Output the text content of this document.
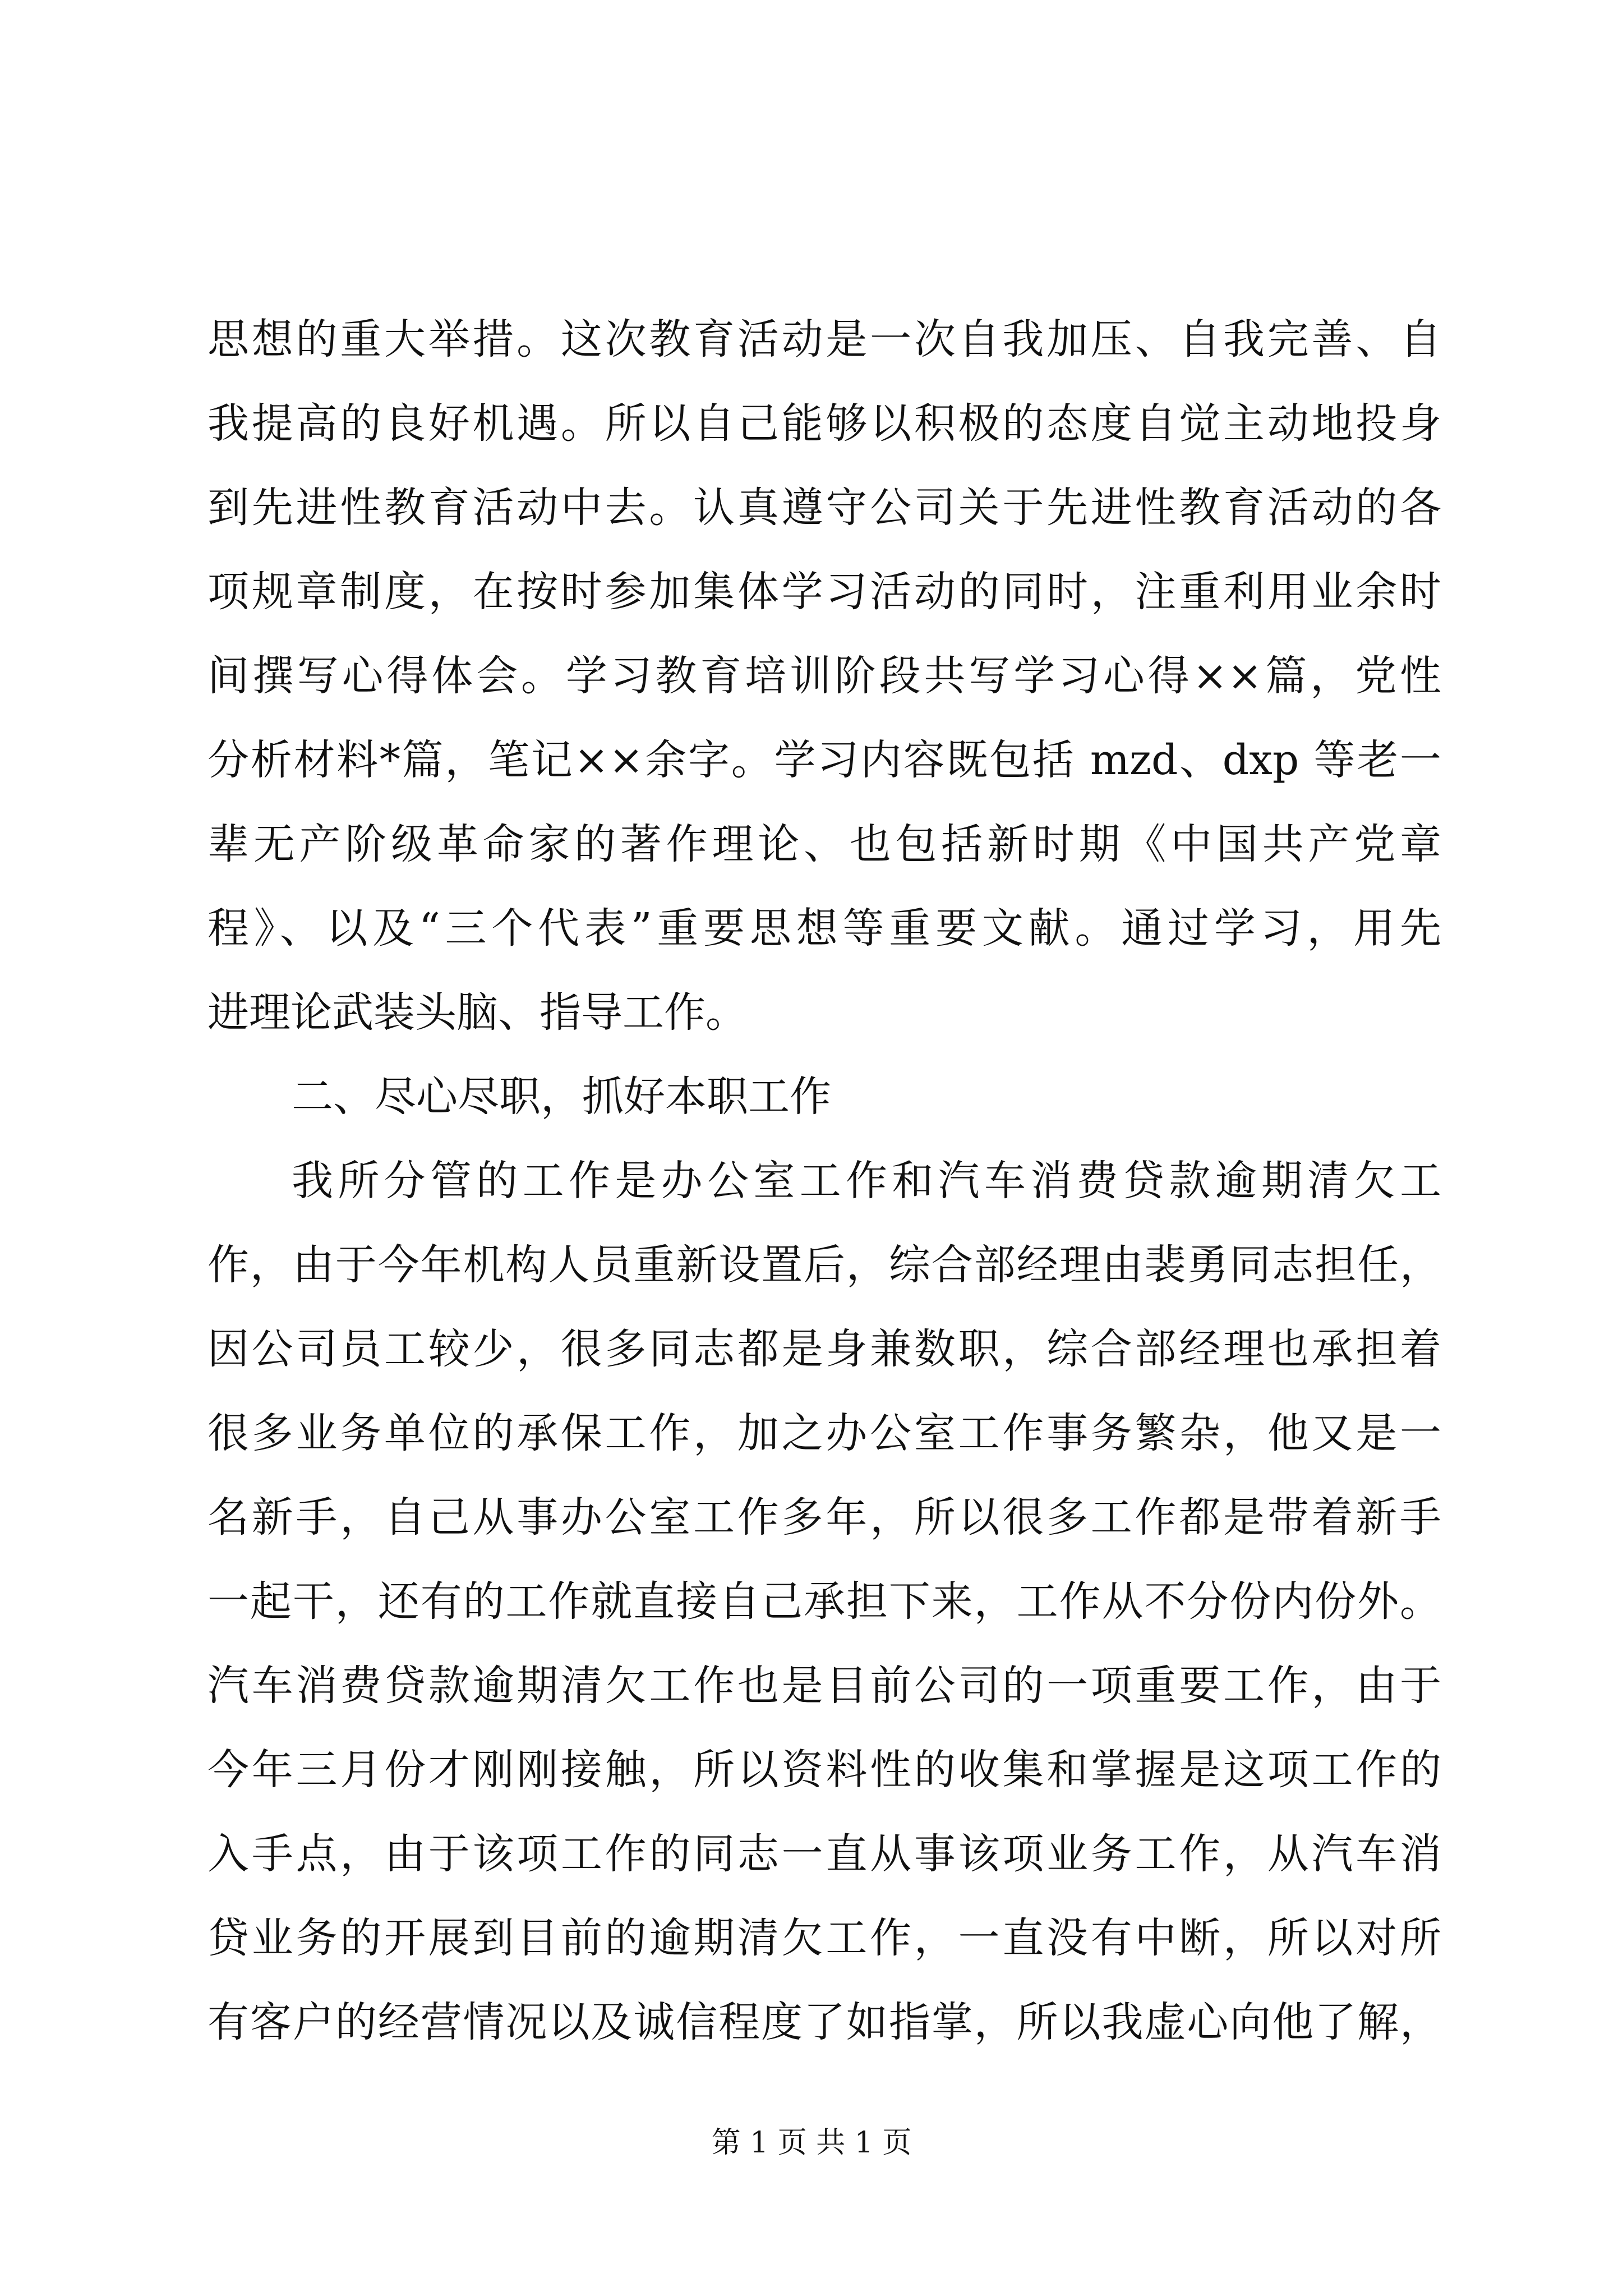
思想的重大举措。这次教育活动是一次自我加压、自我完善、自
我提高的良好机遇。所以自己能够以积极的态度自觉主动地投身
到先进性教育活动中去。认真遵守公司关于先进性教育活动的各
项规章制度，在按时参加集体学习活动的同时，注重利用业余时
间撰写心得体会。学习教育培训阶段共写学习心得××篇，党性
分析材料*篇，笔记××余字。学习内容既包括 mzd、dxp 等老一
辈无产阶级革命家的著作理论、也包括新时期《中国共产党章
程》、以及“三个代表”重要思想等重要文献。通过学习，用先
进理论武装头脑、指导工作。
二、尽心尽职，抓好本职工作
我所分管的工作是办公室工作和汽车消费贷款逾期清欠工
作，由于今年机构人员重新设置后，综合部经理由裴勇同志担任，
因公司员工较少，很多同志都是身兼数职，综合部经理也承担着
很多业务单位的承保工作，加之办公室工作事务繁杂，他又是一
名新手，自己从事办公室工作多年，所以很多工作都是带着新手
一起干，还有的工作就直接自己承担下来，工作从不分份内份外。
汽车消费贷款逾期清欠工作也是目前公司的一项重要工作，由于
今年三月份才刚刚接触，所以资料性的收集和掌握是这项工作的
入手点，由于该项工作的同志一直从事该项业务工作，从汽车消
贷业务的开展到目前的逾期清欠工作，一直没有中断，所以对所
有客户的经营情况以及诚信程度了如指掌，所以我虚心向他了解，
第 1 页 共 1 页
